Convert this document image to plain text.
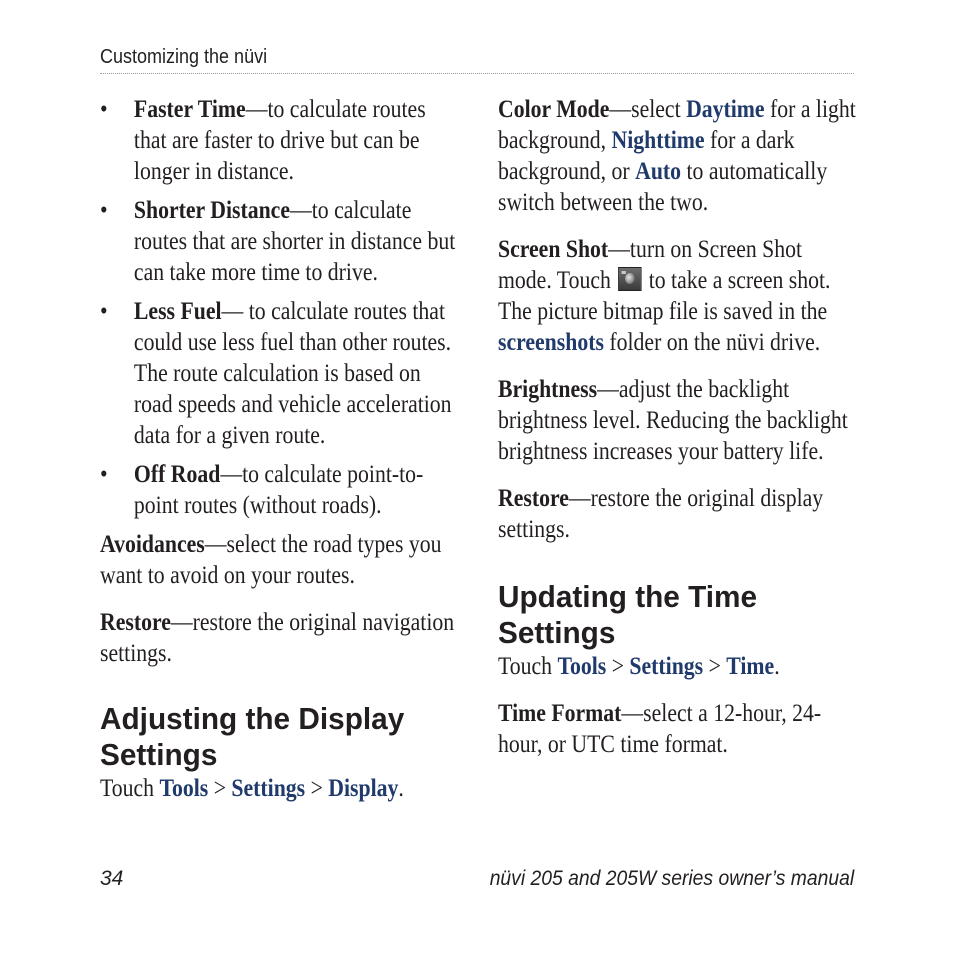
Customizing the nüvi
• Faster Time—to calculate routes that are faster to drive but can be longer in distance.
• Shorter Distance—to calculate routes that are shorter in distance but can take more time to drive.
• Less Fuel— to calculate routes that could use less fuel than other routes. The route calculation is based on road speeds and vehicle acceleration data for a given route.
• Off Road—to calculate point-to-point routes (without roads).

Avoidances—select the road types you want to avoid on your routes.

Restore—restore the original navigation settings.

Adjusting the Display Settings
Touch Tools > Settings > Display.

Color Mode—select Daytime for a light background, Nighttime for a dark background, or Auto to automatically switch between the two.

Screen Shot—turn on Screen Shot mode. Touch  to take a screen shot. The picture bitmap file is saved in the screenshots folder on the nüvi drive.

Brightness—adjust the backlight brightness level. Reducing the backlight brightness increases your battery life.

Restore—restore the original display settings.

Updating the Time Settings

Touch Tools > Settings > Time.

Time Format—select a 12-hour, 24-hour, or UTC time format.

34	nüvi 205 and 205W series owner’s manual
